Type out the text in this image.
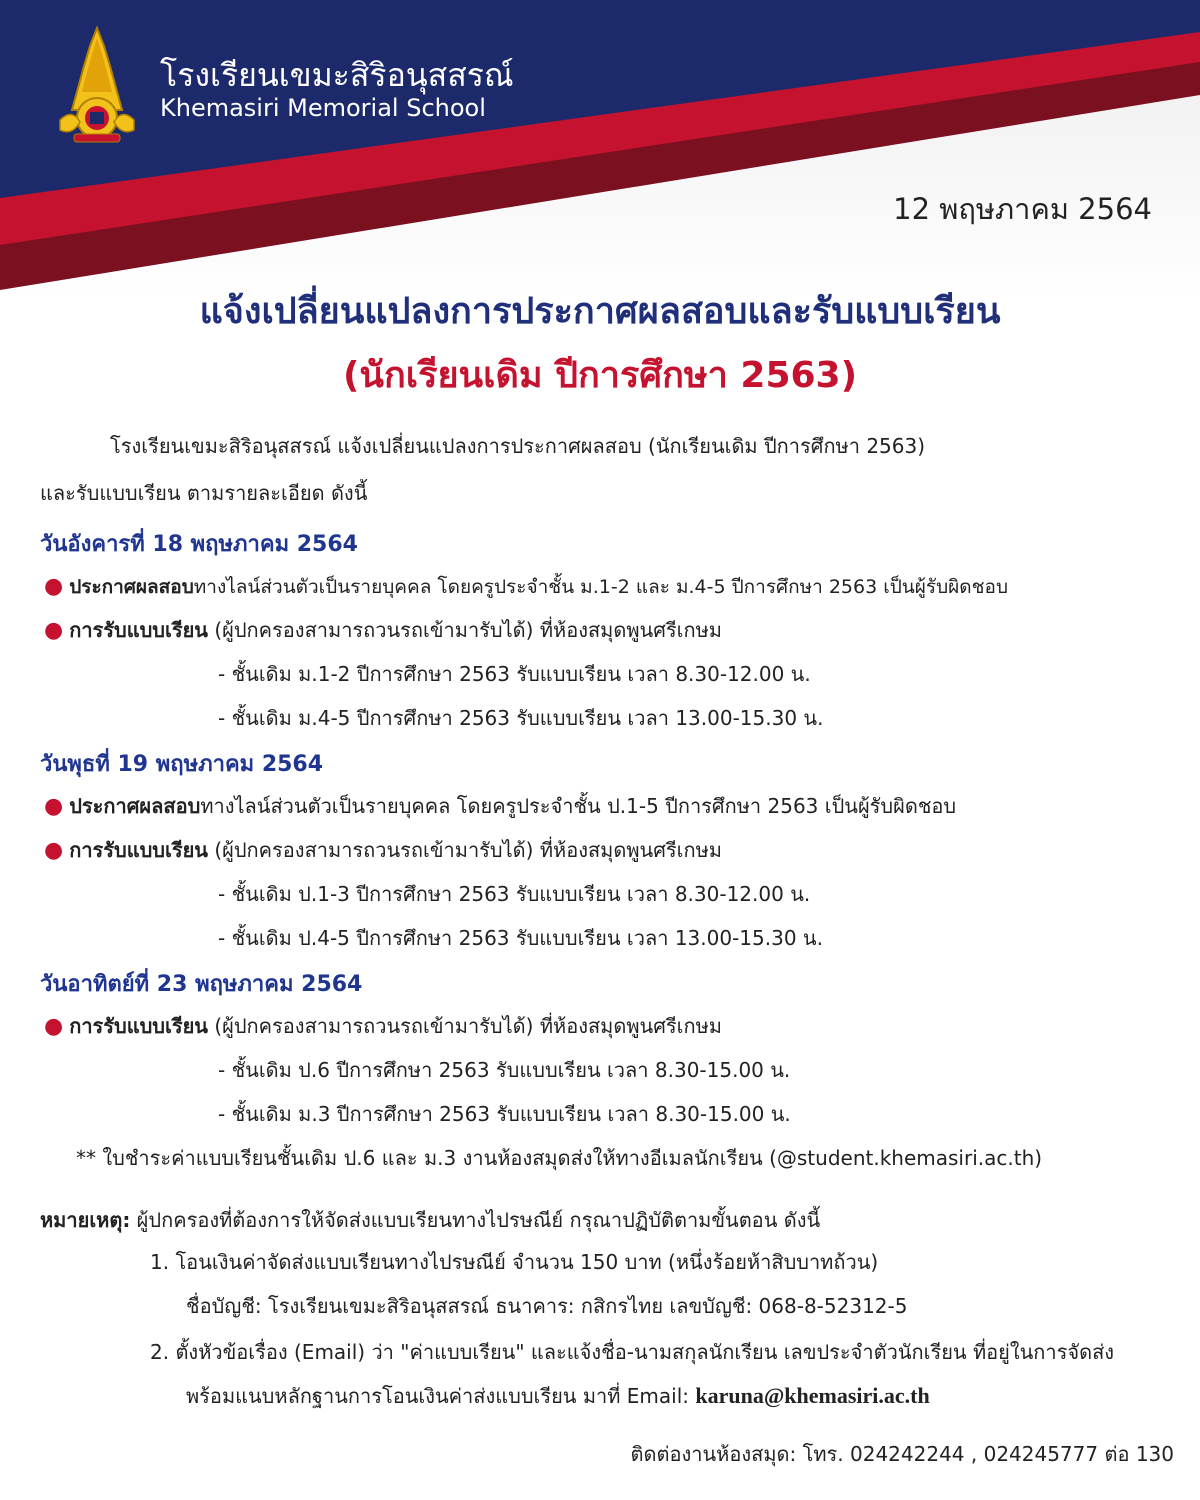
โรงเรียนเขมะสิริอนุสสรณ์
Khemasiri Memorial School
12 พฤษภาคม 2564
แจ้งเปลี่ยนแปลงการประกาศผลสอบและรับแบบเรียน
(นักเรียนเดิม ปีการศึกษา 2563)
โรงเรียนเขมะสิริอนุสสรณ์ แจ้งเปลี่ยนแปลงการประกาศผลสอบ (นักเรียนเดิม ปีการศึกษา 2563)
และรับแบบเรียน ตามรายละเอียด ดังนี้
วันอังคารที่ 18 พฤษภาคม 2564
● ประกาศผลสอบทางไลน์ส่วนตัวเป็นรายบุคคล โดยครูประจำชั้น ม.1-2 และ ม.4-5 ปีการศึกษา 2563 เป็นผู้รับผิดชอบ
● การรับแบบเรียน (ผู้ปกครองสามารถวนรถเข้ามารับได้) ที่ห้องสมุดพูนศรีเกษม
- ชั้นเดิม ม.1-2 ปีการศึกษา 2563 รับแบบเรียน เวลา 8.30-12.00 น.
- ชั้นเดิม ม.4-5 ปีการศึกษา 2563 รับแบบเรียน เวลา 13.00-15.30 น.
วันพุธที่ 19 พฤษภาคม 2564
● ประกาศผลสอบทางไลน์ส่วนตัวเป็นรายบุคคล โดยครูประจำชั้น ป.1-5 ปีการศึกษา 2563 เป็นผู้รับผิดชอบ
● การรับแบบเรียน (ผู้ปกครองสามารถวนรถเข้ามารับได้) ที่ห้องสมุดพูนศรีเกษม
- ชั้นเดิม ป.1-3 ปีการศึกษา 2563 รับแบบเรียน เวลา 8.30-12.00 น.
- ชั้นเดิม ป.4-5 ปีการศึกษา 2563 รับแบบเรียน เวลา 13.00-15.30 น.
วันอาทิตย์ที่ 23 พฤษภาคม 2564
● การรับแบบเรียน (ผู้ปกครองสามารถวนรถเข้ามารับได้) ที่ห้องสมุดพูนศรีเกษม
- ชั้นเดิม ป.6 ปีการศึกษา 2563 รับแบบเรียน เวลา 8.30-15.00 น.
- ชั้นเดิม ม.3 ปีการศึกษา 2563 รับแบบเรียน เวลา 8.30-15.00 น.
** ใบชำระค่าแบบเรียนชั้นเดิม ป.6 และ ม.3 งานห้องสมุดส่งให้ทางอีเมลนักเรียน (@student.khemasiri.ac.th)
หมายเหตุ: ผู้ปกครองที่ต้องการให้จัดส่งแบบเรียนทางไปรษณีย์ กรุณาปฏิบัติตามขั้นตอน ดังนี้
1. โอนเงินค่าจัดส่งแบบเรียนทางไปรษณีย์ จำนวน 150 บาท (หนึ่งร้อยห้าสิบบาทถ้วน)
ชื่อบัญชี: โรงเรียนเขมะสิริอนุสสรณ์ ธนาคาร: กสิกรไทย เลขบัญชี: 068-8-52312-5
2. ตั้งหัวข้อเรื่อง (Email) ว่า "ค่าแบบเรียน" และแจ้งชื่อ-นามสกุลนักเรียน เลขประจำตัวนักเรียน ที่อยู่ในการจัดส่ง
พร้อมแนบหลักฐานการโอนเงินค่าส่งแบบเรียน มาที่ Email: karuna@khemasiri.ac.th
ติดต่องานห้องสมุด: โทร. 024242244 , 024245777 ต่อ 130
